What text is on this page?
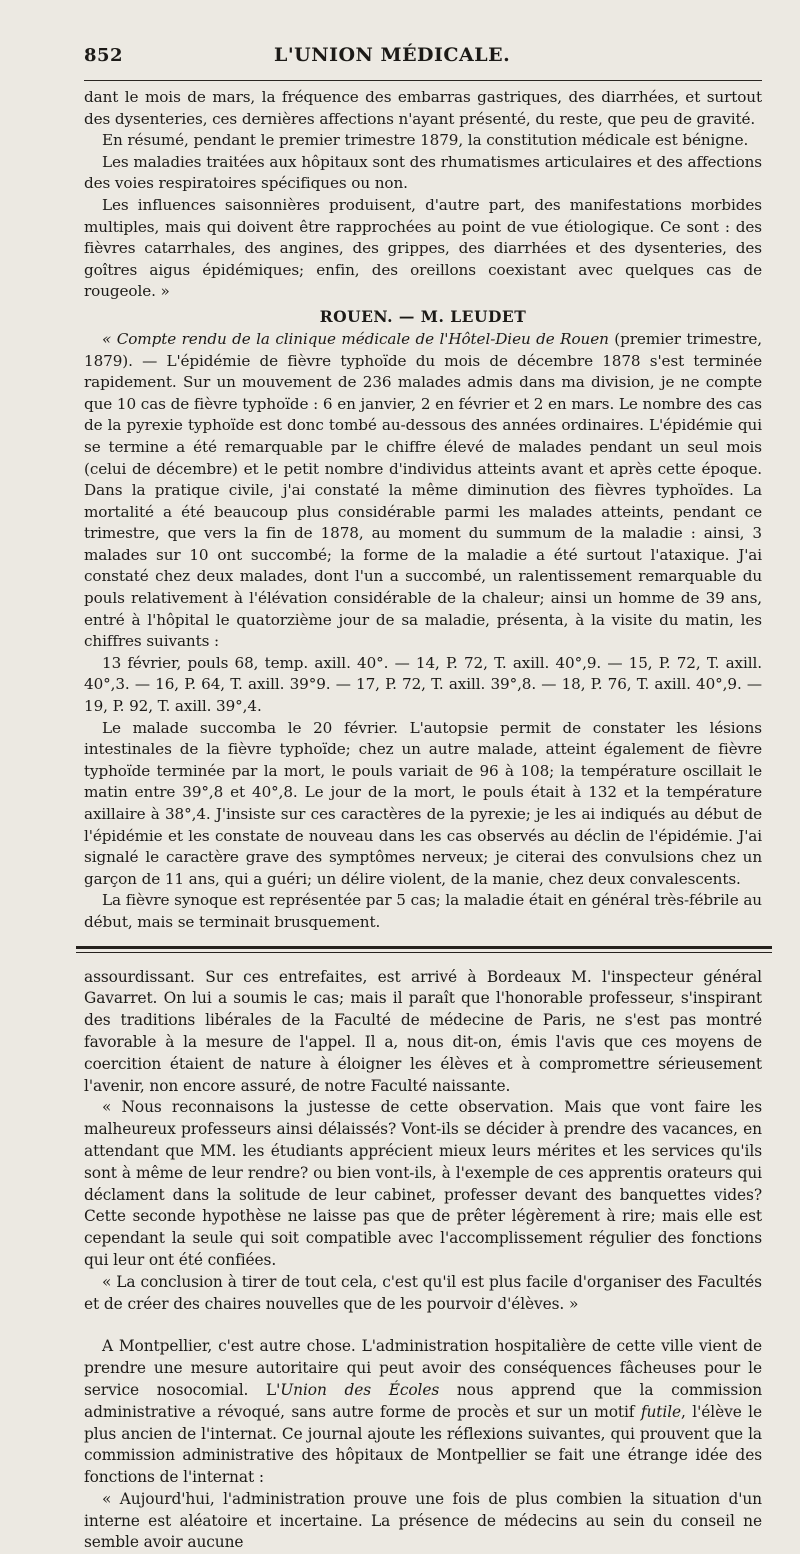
852	L'UNION MÉDICALE.

dant le mois de mars, la fréquence des embarras gastriques, des diarrhées, et surtout des dysenteries, ces dernières affections n'ayant présenté, du reste, que peu de gravité.

En résumé, pendant le premier trimestre 1879, la constitution médicale est bénigne.

Les maladies traitées aux hôpitaux sont des rhumatismes articulaires et des affections des voies respiratoires spécifiques ou non.

Les influences saisonnières produisent, d'autre part, des manifestations morbides multiples, mais qui doivent être rapprochées au point de vue étiologique. Ce sont : des fièvres catarrhales, des angines, des grippes, des diarrhées et des dysenteries, des goîtres aigus épidémiques; enfin, des oreillons coexistant avec quelques cas de rougeole. »

ROUEN. — M. LEUDET

« Compte rendu de la clinique médicale de l'Hôtel-Dieu de Rouen (premier trimestre, 1879). — L'épidémie de fièvre typhoïde du mois de décembre 1878 s'est terminée rapidement. Sur un mouvement de 236 malades admis dans ma division, je ne compte que 10 cas de fièvre typhoïde : 6 en janvier, 2 en février et 2 en mars. Le nombre des cas de la pyrexie typhoïde est donc tombé au-dessous des années ordinaires. L'épidémie qui se termine a été remarquable par le chiffre élevé de malades pendant un seul mois (celui de décembre) et le petit nombre d'individus atteints avant et après cette époque. Dans la pratique civile, j'ai constaté la même diminution des fièvres typhoïdes. La mortalité a été beaucoup plus considérable parmi les malades atteints, pendant ce trimestre, que vers la fin de 1878, au moment du summum de la maladie : ainsi, 3 malades sur 10 ont succombé; la forme de la maladie a été surtout l'ataxique. J'ai constaté chez deux malades, dont l'un a succombé, un ralentissement remarquable du pouls relativement à l'élévation considérable de la chaleur; ainsi un homme de 39 ans, entré à l'hôpital le quatorzième jour de sa maladie, présenta, à la visite du matin, les chiffres suivants :

13 février, pouls 68, temp. axill. 40°. — 14, P. 72, T. axill. 40°,9. — 15, P. 72, T. axill. 40°,3. — 16, P. 64, T. axill. 39°9. — 17, P. 72, T. axill. 39°,8. — 18, P. 76, T. axill. 40°,9. — 19, P. 92, T. axill. 39°,4.

Le malade succomba le 20 février. L'autopsie permit de constater les lésions intestinales de la fièvre typhoïde; chez un autre malade, atteint également de fièvre typhoïde terminée par la mort, le pouls variait de 96 à 108; la température oscillait le matin entre 39°,8 et 40°,8. Le jour de la mort, le pouls était à 132 et la température axillaire à 38°,4. J'insiste sur ces caractères de la pyrexie; je les ai indiqués au début de l'épidémie et les constate de nouveau dans les cas observés au déclin de l'épidémie. J'ai signalé le caractère grave des symptômes nerveux; je citerai des convulsions chez un garçon de 11 ans, qui a guéri; un délire violent, de la manie, chez deux convalescents.

La fièvre synoque est représentée par 5 cas; la maladie était en général très-fébrile au début, mais se terminait brusquement.

assourdissant. Sur ces entrefaites, est arrivé à Bordeaux M. l'inspecteur général Gavarret. On lui a soumis le cas; mais il paraît que l'honorable professeur, s'inspirant des traditions libérales de la Faculté de médecine de Paris, ne s'est pas montré favorable à la mesure de l'appel. Il a, nous dit-on, émis l'avis que ces moyens de coercition étaient de nature à éloigner les élèves et à compromettre sérieusement l'avenir, non encore assuré, de notre Faculté naissante.

« Nous reconnaisons la justesse de cette observation. Mais que vont faire les malheureux professeurs ainsi délaissés? Vont-ils se décider à prendre des vacances, en attendant que MM. les étudiants apprécient mieux leurs mérites et les services qu'ils sont à même de leur rendre? ou bien vont-ils, à l'exemple de ces apprentis orateurs qui déclament dans la solitude de leur cabinet, professer devant des banquettes vides? Cette seconde hypothèse ne laisse pas que de prêter légèrement à rire; mais elle est cependant la seule qui soit compatible avec l'accomplissement régulier des fonctions qui leur ont été confiées.

« La conclusion à tirer de tout cela, c'est qu'il est plus facile d'organiser des Facultés et de créer des chaires nouvelles que de les pourvoir d'élèves. »

A Montpellier, c'est autre chose. L'administration hospitalière de cette ville vient de prendre une mesure autoritaire qui peut avoir des conséquences fâcheuses pour le service nosocomial. L'Union des Écoles nous apprend que la commission administrative a révoqué, sans autre forme de procès et sur un motif futile, l'élève le plus ancien de l'internat. Ce journal ajoute les réflexions suivantes, qui prouvent que la commission administrative des hôpitaux de Montpellier se fait une étrange idée des fonctions de l'internat :

« Aujourd'hui, l'administration prouve une fois de plus combien la situation d'un interne est aléatoire et incertaine. La présence de médecins au sein du conseil ne semble avoir aucune
